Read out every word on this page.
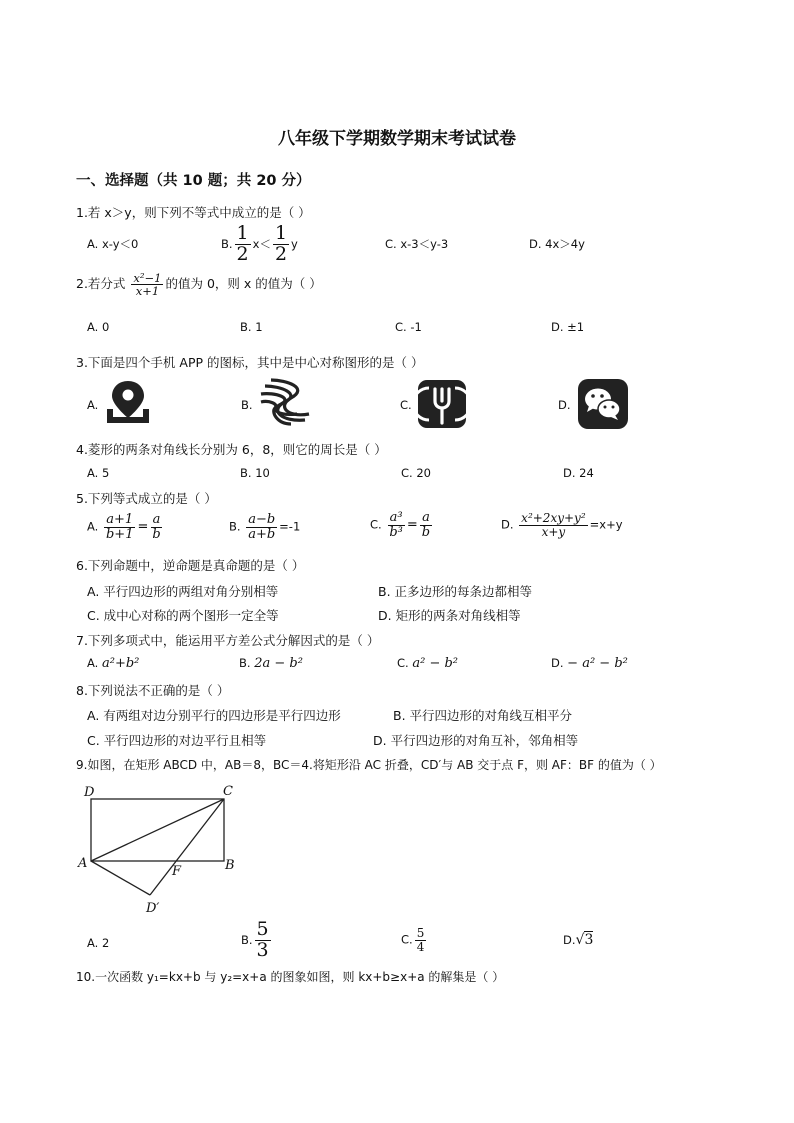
八年级下学期数学期末考试试卷
一、选择题（共 10 题；共 20 分）
1.若 x＞y，则下列不等式中成立的是（ ）
A. x-y＜0	B. $\frac{1}{2} x< \frac{1}{2}$ y	C. x-3＜y-3	D. 4x＞4y
2.若分式 $\frac{\text{x²−1}}{x+1}$ 的值为 0，则 x 的值为（ ）
A. 0	B. 1	C. -1	D. ±1
3.下面是四个手机 APP 的图标，其中是中心对称图形的是（ ）
A.	B.	C.	D.
4.菱形的两条对角线长分别为 6，8，则它的周长是（ ）
A. 5	B. 10	C. 20	D. 24
5.下列等式成立的是（ ）
A. $\frac{a+1}{b+1} = \frac{a}{b}$	B. $\frac{a-b}{a+b} =-1$	C. $\frac{\text{a³}}{\text{b³}} = \frac{a}{b}$	D. $\frac{\text{x²+2xy+y²}}{x+y} =x+y$
6.下列命题中，逆命题是真命题的是（ ）
A. 平行四边形的两组对角分别相等	B. 正多边形的每条边都相等
C. 成中心对称的两个图形一定全等	D. 矩形的两条对角线相等
7.下列多项式中，能运用平方差公式分解因式的是（ ）
A. a²+b²	B. 2a − b²	C. a² − b²	D. − a² − b²
8.下列说法不正确的是（ ）
A. 有两组对边分别平行的四边形是平行四边形	B. 平行四边形的对角线互相平分
C. 平行四边形的对边平行且相等	D. 平行四边形的对角互补，邻角相等
9.如图，在矩形 ABCD 中，AB＝8，BC＝4.将矩形沿 AC 折叠，CD′与 AB 交于点 F，则 AF：BF 的值为（ ）
D	C
A	B
F
D′
A. 2	B. $\frac{5}{3}$	C. $\frac{5}{4}$	D.√3
10.一次函数 y₁=kx+b 与 y₂=x+a 的图象如图，则 kx+b≥x+a 的解集是（ ）
